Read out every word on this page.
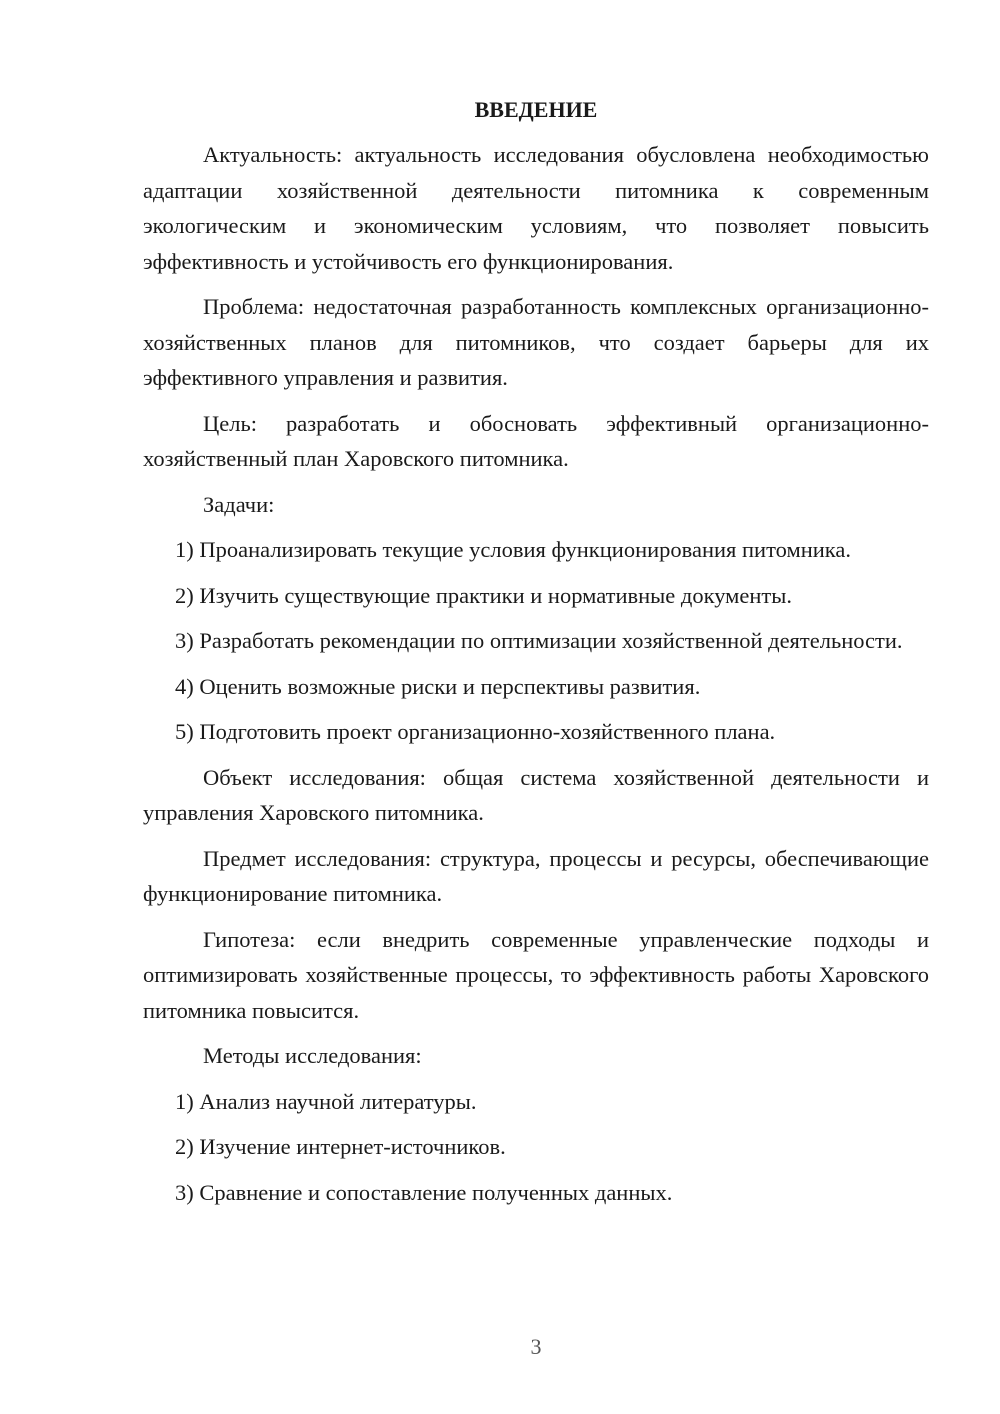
ВВЕДЕНИЕ

Актуальность: актуальность исследования обусловлена необходимостью адаптации хозяйственной деятельности питомника к современным экологическим и экономическим условиям, что позволяет повысить эффективность и устойчивость его функционирования.

Проблема: недостаточная разработанность комплексных организационно-хозяйственных планов для питомников, что создает барьеры для их эффективного управления и развития.

Цель: разработать и обосновать эффективный организационно-хозяйственный план Харовского питомника.

Задачи:

1) Проанализировать текущие условия функционирования питомника.

2) Изучить существующие практики и нормативные документы.

3) Разработать рекомендации по оптимизации хозяйственной деятельности.

4) Оценить возможные риски и перспективы развития.

5) Подготовить проект организационно-хозяйственного плана.

Объект исследования: общая система хозяйственной деятельности и управления Харовского питомника.

Предмет исследования: структура, процессы и ресурсы, обеспечивающие функционирование питомника.

Гипотеза: если внедрить современные управленческие подходы и оптимизировать хозяйственные процессы, то эффективность работы Харовского питомника повысится.

Методы исследования:

1) Анализ научной литературы.

2) Изучение интернет-источников.

3) Сравнение и сопоставление полученных данных.

3
